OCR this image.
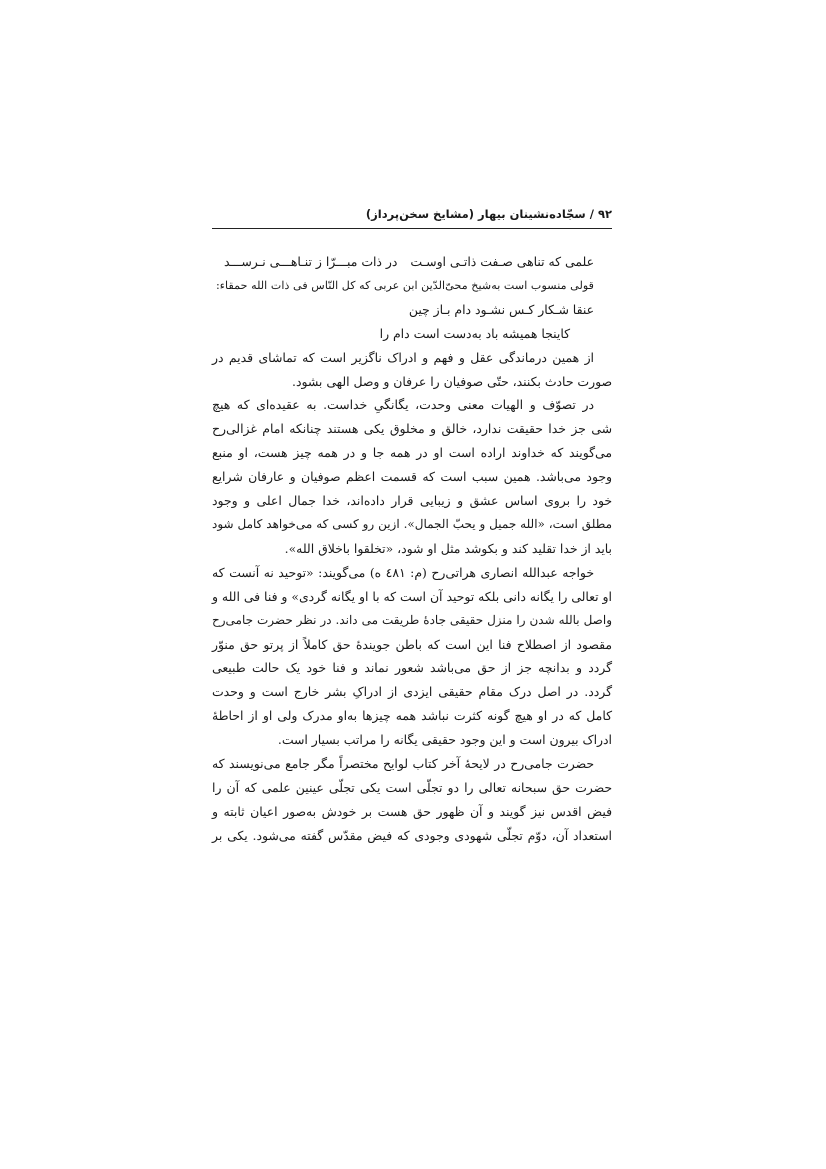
۹۲ / سجّاده‌نشینان بیهار (مشایخ سخن‌پرداز)
علمی که تناهی صـفت ذاتـی اوسـت
در ذات مبـــرّا ز تنـاهـــی نـرســـد
قولی منسوب است به‌شیخ محیّ‌الدّین ابن عربی که کل النّاس فی ذات الله حمقاء:
عنقا شـکار کـس نشـود دام بـاز چین
کاینجا همیشه باد به‌دست است دام را
از همین درماندگی عقل و فهم و ادراک ناگزیر است که تماشای قدیم در
صورت حادث بکنند، حتّی صوفیان را عرفان و وصل الهی بشود.
در تصوّف و الهیات معنی وحدت، یگانگیِ خداست. به عقیده‌ای که هیچ
شی جز خدا حقیقت ندارد، خالق و مخلوق یکی هستند چنانکه امام غزالی‌رح
می‌گویند که خداوند اراده است او در همه جا و در همه چیز هست، او منبع
وجود می‌باشد. همین سبب است که قسمت اعظم صوفیان و عارفان شرایع
خود را بروی اساس عشق و زیبایی قرار داده‌اند، خدا جمال اعلی و وجود
مطلق است، «الله جمیل و یحبّ الجمال». ازین رو کسی که می‌خواهد کامل شود
باید از خدا تقلید کند و بکوشد مثل او شود، «تخلقوا باخلاق الله».
خواجه عبدالله انصاری هراتی‌رح (م: ٤٨١ ه) می‌گویند: «توحید نه آنست که
او تعالی را یگانه دانی بلکه توحید آن است که با او یگانه گردی» و فنا فی الله و
واصل بالله شدن را منزل حقیقی جادهٔ طریقت می داند. در نظر حضرت جامی‌رح
مقصود از اصطلاح فنا این است که باطن جویندهٔ حق کاملاً از پرتو حق منوّر
گردد و بدانچه جز از حق می‌باشد شعور نماند و فنا خود یک حالت طبیعی
گردد. در اصل درک مقام حقیقی ایزدی از ادراکِ بشر خارج است و وحدت
کامل که در او هیچ گونه کثرت نباشد همه چیزها به‌او مدرک ولی او از احاطهٔ
ادراک بیرون است و این وجود حقیقی یگانه را مراتب بسیار است.
حضرت جامی‌رح در لایحهٔ آخر کتاب لوایح مختصراً مگر جامع می‌نویسند که
حضرت حق سبحانه تعالی را دو تجلّی است یکی تجلّی عینین علمی که آن را
فیض اقدس نیز گویند و آن ظهور حق هست بر خودش به‌صور اعیان ثابته و
استعداد آن، دوّم تجلّی شهودی وجودی که فیض مقدّس گفته می‌شود. یکی بر
